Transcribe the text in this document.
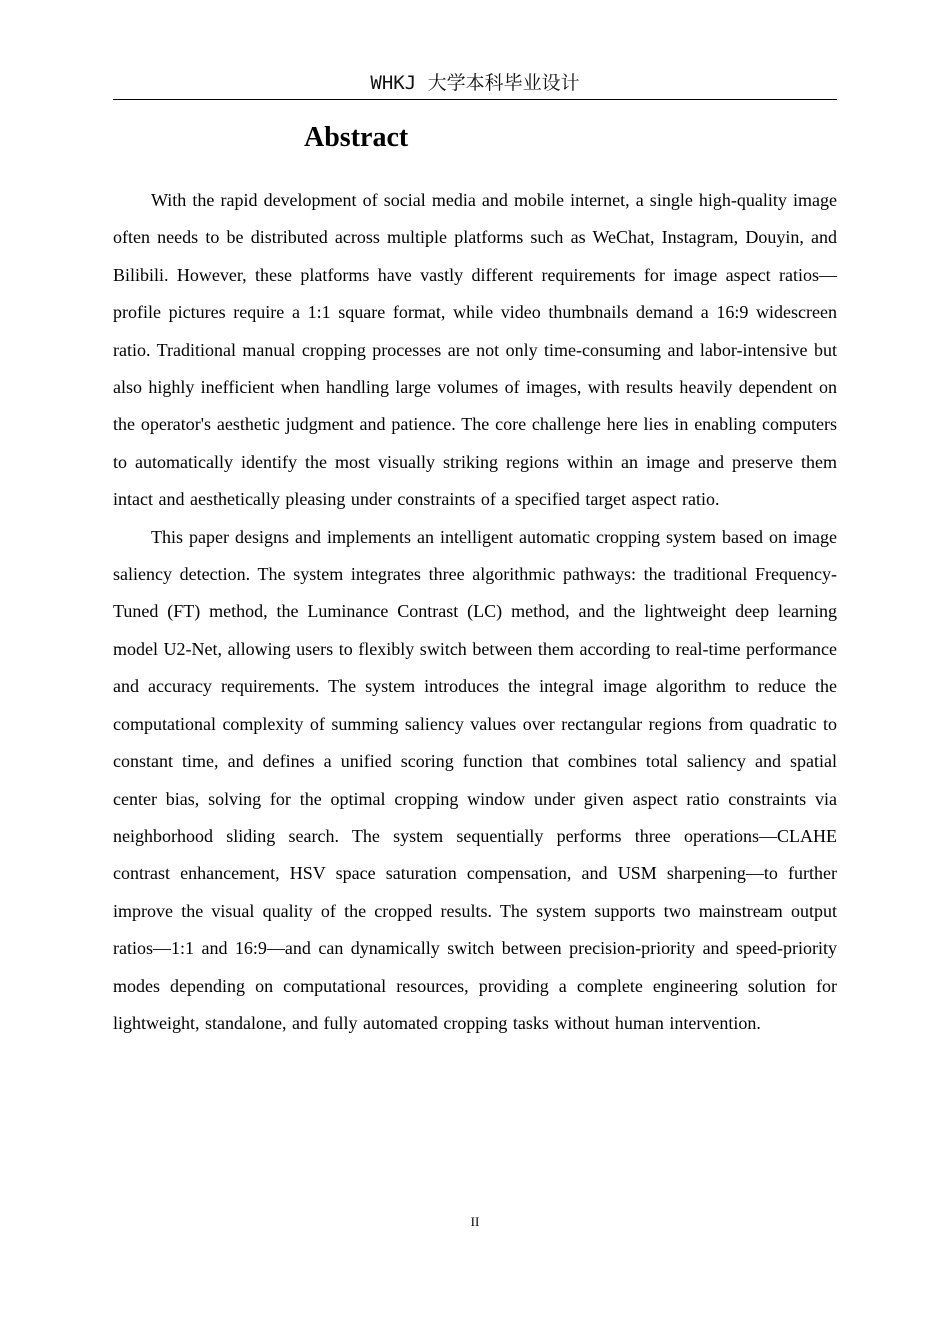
WHKJ 大学本科毕业设计
Abstract

With the rapid development of social media and mobile internet, a single high-quality image often needs to be distributed across multiple platforms such as WeChat, Instagram, Douyin, and Bilibili. However, these platforms have vastly different requirements for image aspect ratios—profile pictures require a 1:1 square format, while video thumbnails demand a 16:9 widescreen ratio. Traditional manual cropping processes are not only time-consuming and labor-intensive but also highly inefficient when handling large volumes of images, with results heavily dependent on the operator's aesthetic judgment and patience. The core challenge here lies in enabling computers to automatically identify the most visually striking regions within an image and preserve them intact and aesthetically pleasing under constraints of a specified target aspect ratio.

This paper designs and implements an intelligent automatic cropping system based on image saliency detection. The system integrates three algorithmic pathways: the traditional Frequency-Tuned (FT) method, the Luminance Contrast (LC) method, and the lightweight deep learning model U2-Net, allowing users to flexibly switch between them according to real-time performance and accuracy requirements. The system introduces the integral image algorithm to reduce the computational complexity of summing saliency values over rectangular regions from quadratic to constant time, and defines a unified scoring function that combines total saliency and spatial center bias, solving for the optimal cropping window under given aspect ratio constraints via neighborhood sliding search. The system sequentially performs three operations—CLAHE contrast enhancement, HSV space saturation compensation, and USM sharpening—to further improve the visual quality of the cropped results. The system supports two mainstream output ratios—1:1 and 16:9—and can dynamically switch between precision-priority and speed-priority modes depending on computational resources, providing a complete engineering solution for lightweight, standalone, and fully automated cropping tasks without human intervention.

II
